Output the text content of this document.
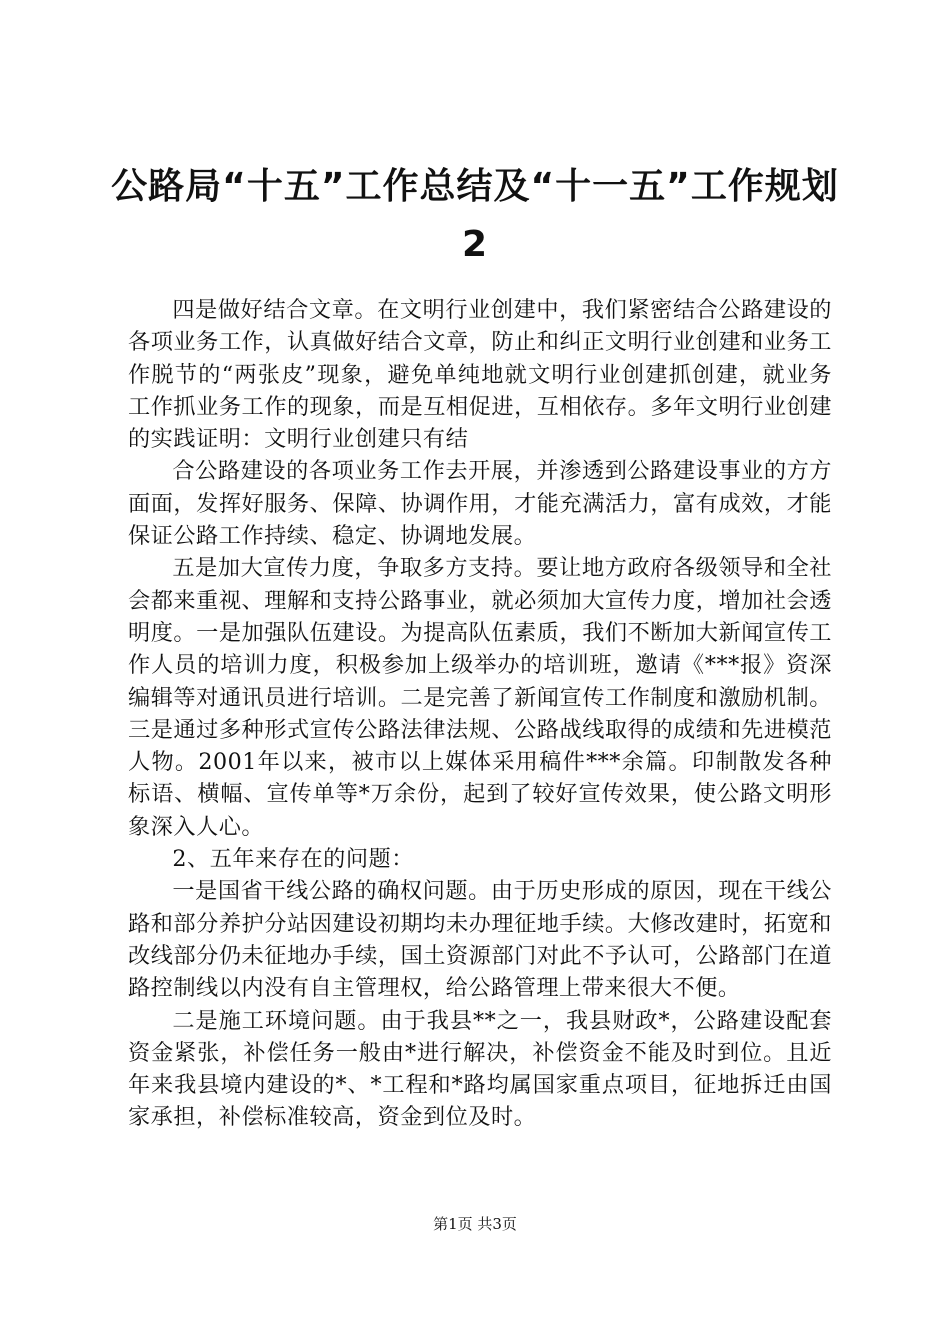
公路局“十五”工作总结及“十一五”工作规划2

四是做好结合文章。在文明行业创建中，我们紧密结合公路建设的各项业务工作，认真做好结合文章，防止和纠正文明行业创建和业务工作脱节的“两张皮”现象，避免单纯地就文明行业创建抓创建，就业务工作抓业务工作的现象，而是互相促进，互相依存。多年文明行业创建的实践证明：文明行业创建只有结

合公路建设的各项业务工作去开展，并渗透到公路建设事业的方方面面，发挥好服务、保障、协调作用，才能充满活力，富有成效，才能保证公路工作持续、稳定、协调地发展。

五是加大宣传力度，争取多方支持。要让地方政府各级领导和全社会都来重视、理解和支持公路事业，就必须加大宣传力度，增加社会透明度。一是加强队伍建设。为提高队伍素质，我们不断加大新闻宣传工作人员的培训力度，积极参加上级举办的培训班，邀请《***报》资深编辑等对通讯员进行培训。二是完善了新闻宣传工作制度和激励机制。三是通过多种形式宣传公路法律法规、公路战线取得的成绩和先进模范人物。2001年以来，被市以上媒体采用稿件***余篇。印制散发各种标语、横幅、宣传单等*万余份，起到了较好宣传效果，使公路文明形象深入人心。

2、五年来存在的问题：

一是国省干线公路的确权问题。由于历史形成的原因，现在干线公路和部分养护分站因建设初期均未办理征地手续。大修改建时，拓宽和改线部分仍未征地办手续，国土资源部门对此不予认可，公路部门在道路控制线以内没有自主管理权，给公路管理上带来很大不便。

二是施工环境问题。由于我县**之一，我县财政*，公路建设配套资金紧张，补偿任务一般由*进行解决，补偿资金不能及时到位。且近年来我县境内建设的*、*工程和*路均属国家重点项目，征地拆迁由国家承担，补偿标准较高，资金到位及时。

第1页 共3页
